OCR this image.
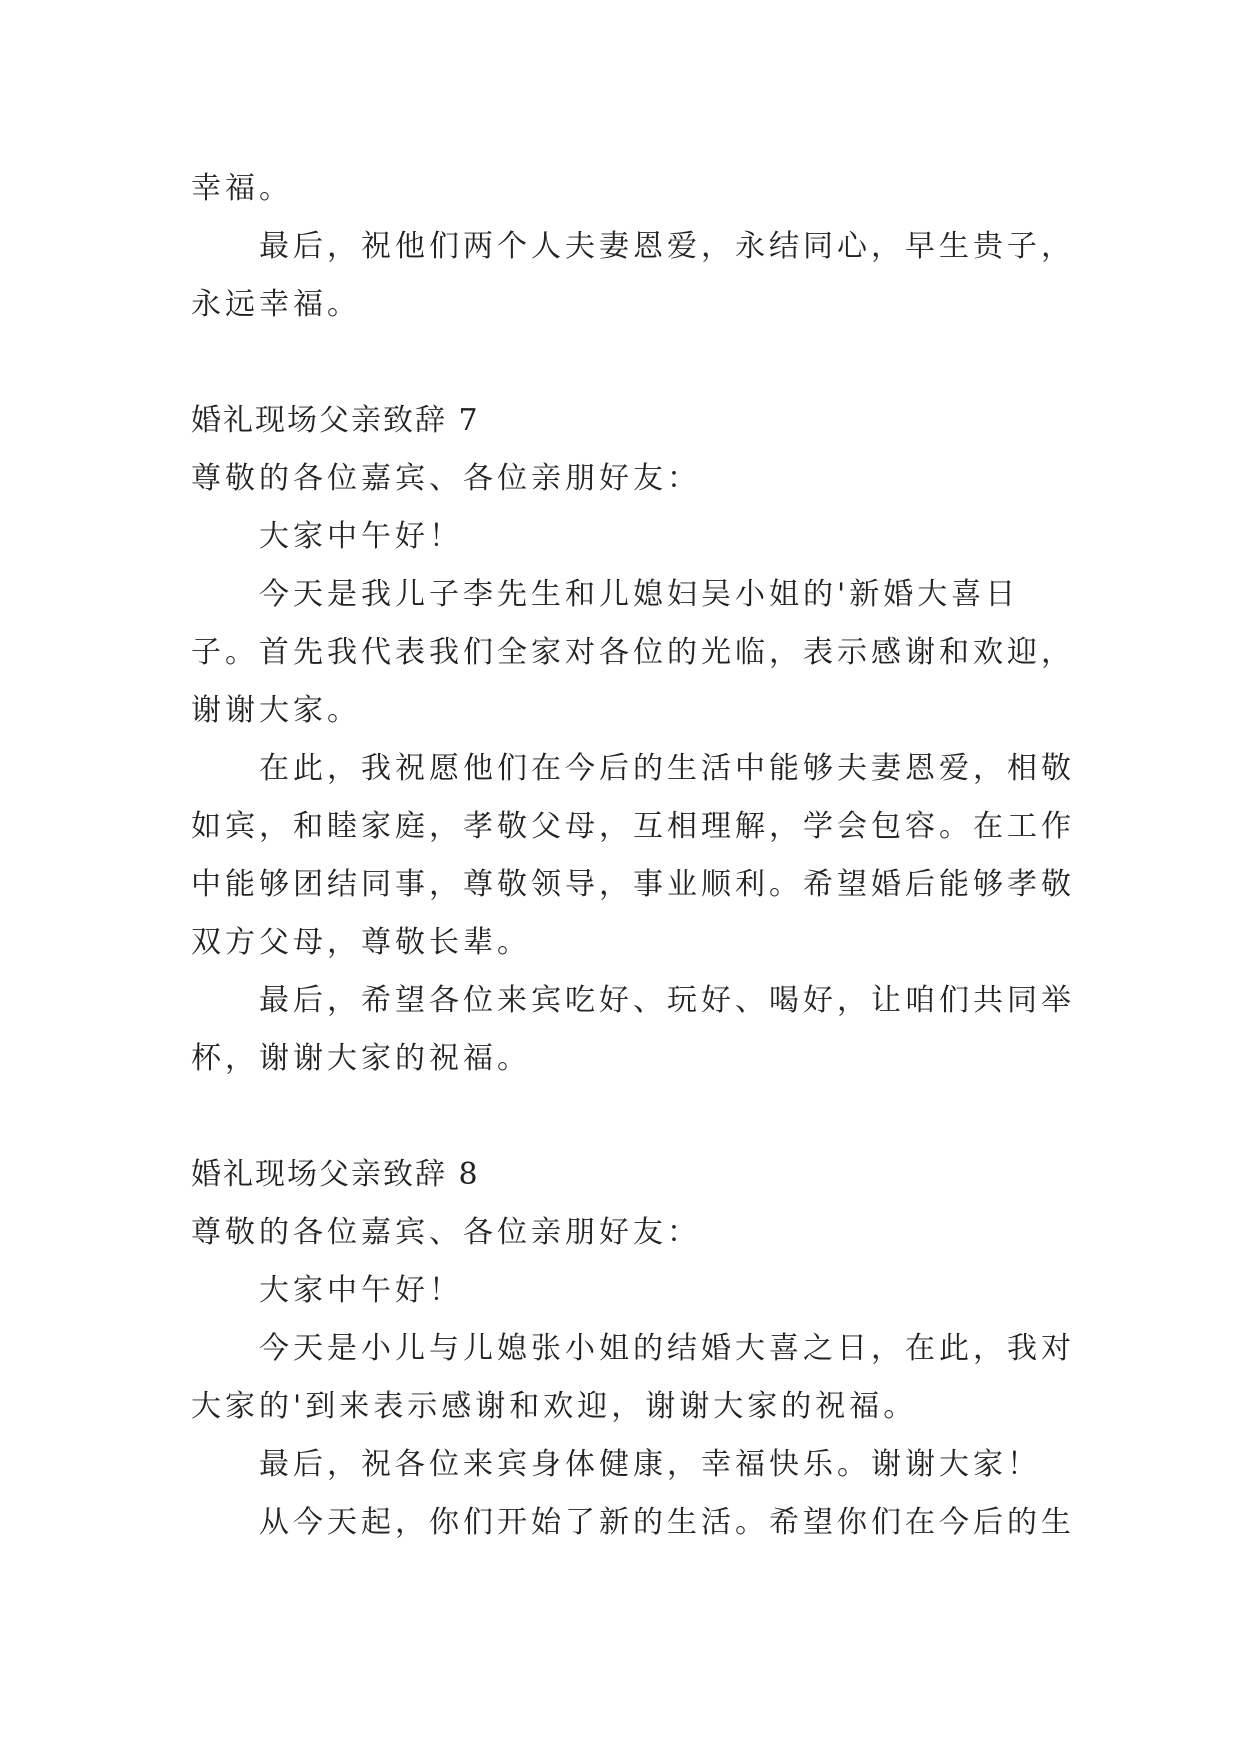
幸福。

最后，祝他们两个人夫妻恩爱，永结同心，早生贵子，永远幸福。

婚礼现场父亲致辞 7

尊敬的各位嘉宾、各位亲朋好友：

大家中午好！

今天是我儿子李先生和儿媳妇吴小姐的'新婚大喜日子。首先我代表我们全家对各位的光临，表示感谢和欢迎，谢谢大家。

在此，我祝愿他们在今后的生活中能够夫妻恩爱，相敬如宾，和睦家庭，孝敬父母，互相理解，学会包容。在工作中能够团结同事，尊敬领导，事业顺利。希望婚后能够孝敬双方父母，尊敬长辈。

最后，希望各位来宾吃好、玩好、喝好，让咱们共同举杯，谢谢大家的祝福。

婚礼现场父亲致辞 8

尊敬的各位嘉宾、各位亲朋好友：

大家中午好！

今天是小儿与儿媳张小姐的结婚大喜之日，在此，我对大家的'到来表示感谢和欢迎，谢谢大家的祝福。

最后，祝各位来宾身体健康，幸福快乐。谢谢大家！

从今天起，你们开始了新的生活。希望你们在今后的生
